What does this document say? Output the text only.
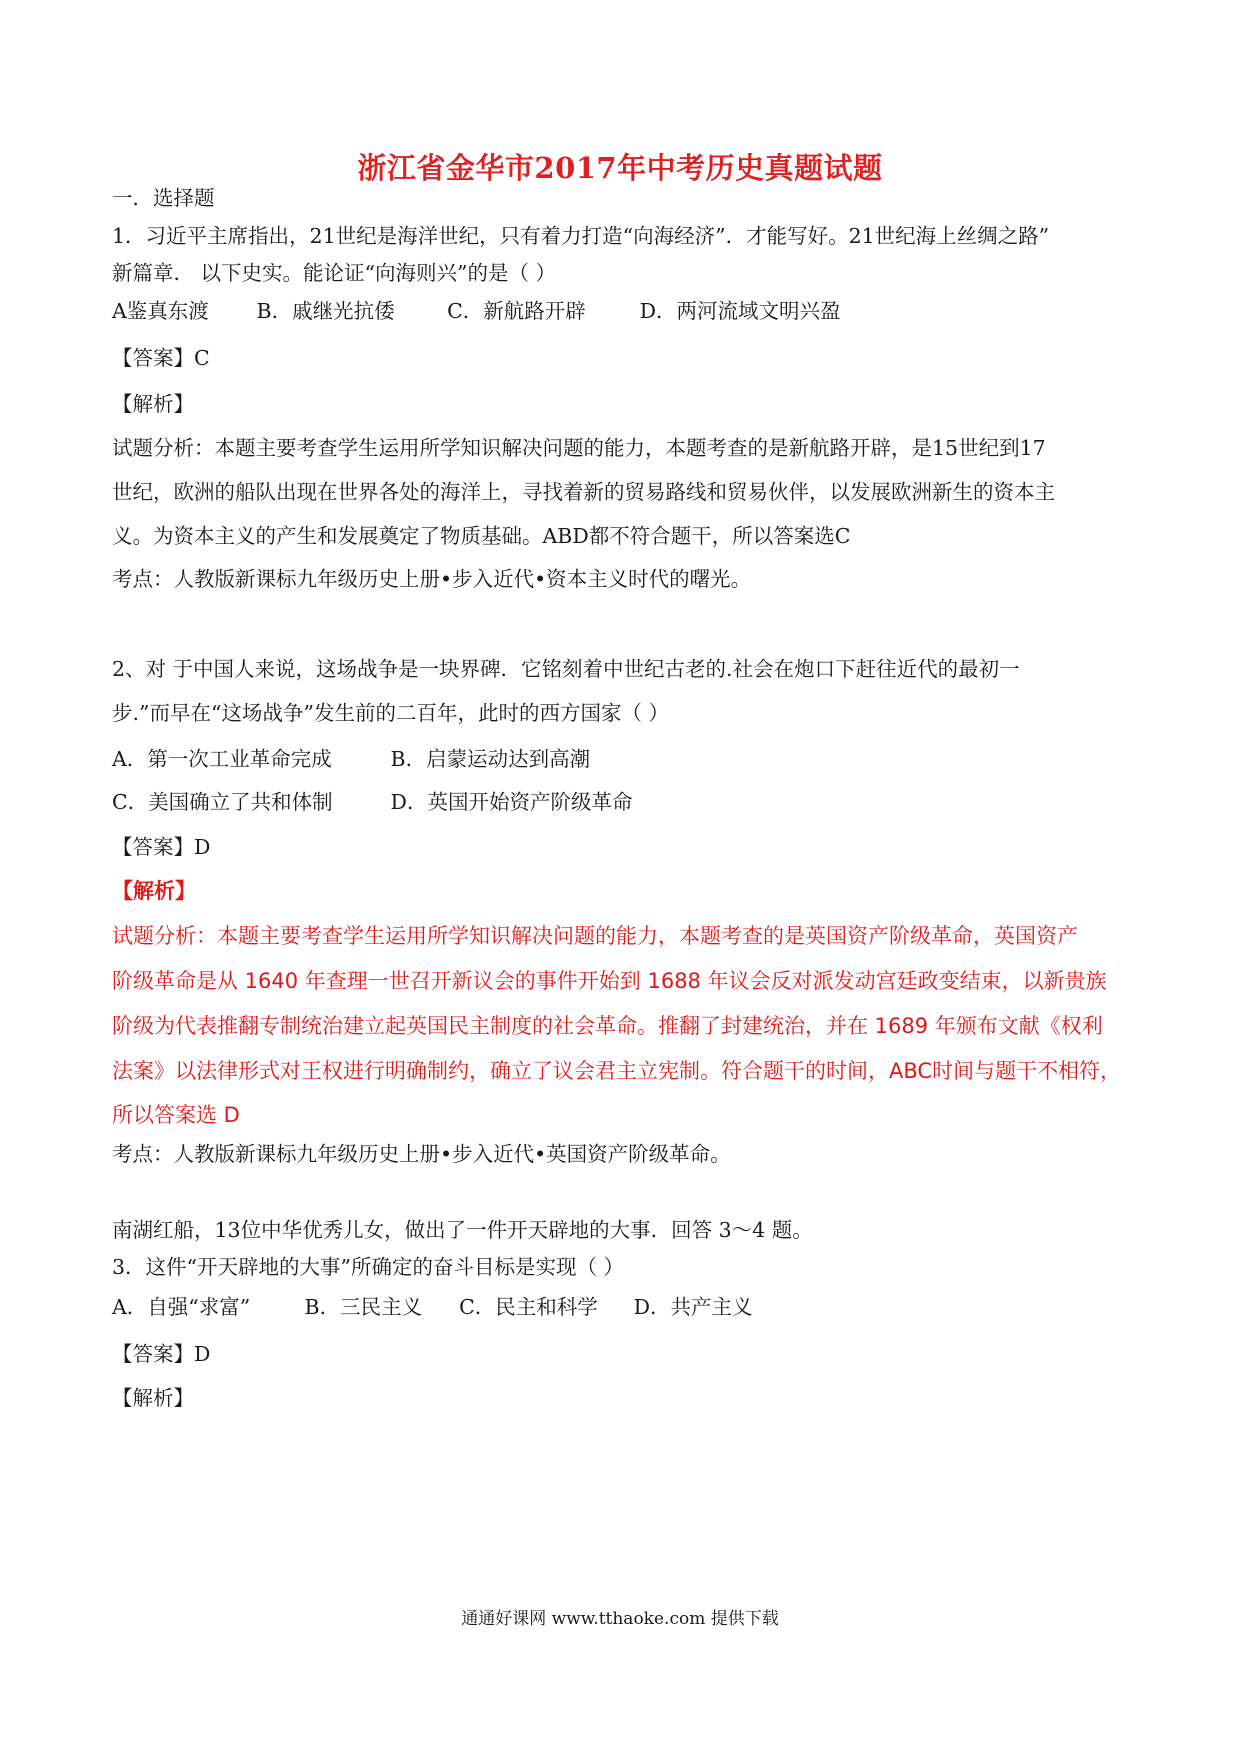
浙江省金华市2017年中考历史真题试题
一．选择题
1．习近平主席指出，21世纪是海洋世纪，只有着力打造“向海经济”．才能写好。21世纪海上丝绸之路”
新篇章． 以下史实。能论证“向海则兴”的是（ ）
A鉴真东渡 B．戚继光抗倭	C．新航路开辟	D．两河流域文明兴盈
【答案】C
【解析】
试题分析：本题主要考查学生运用所学知识解决问题的能力，本题考查的是新航路开辟，是15世纪到17
世纪，欧洲的船队出现在世界各处的海洋上，寻找着新的贸易路线和贸易伙伴，以发展欧洲新生的资本主
义。为资本主义的产生和发展奠定了物质基础。ABD都不符合题干，所以答案选C
考点：人教版新课标九年级历史上册•步入近代•资本主义时代的曙光。
2、对 于中国人来说，这场战争是一块界碑．它铭刻着中世纪古老的.社会在炮口下赶往近代的最初一
步.”而早在“这场战争”发生前的二百年，此时的西方国家（ ）
A．第一次工业革命完成	B．启蒙运动达到高潮
C．美国确立了共和体制	D．英国开始资产阶级革命
【答案】D
【解析】
试题分析：本题主要考查学生运用所学知识解决问题的能力，本题考查的是英国资产阶级革命，英国资产
阶级革命是从 1640 年查理一世召开新议会的事件开始到 1688 年议会反对派发动宫廷政变结束，以新贵族
阶级为代表推翻专制统治建立起英国民主制度的社会革命。推翻了封建统治，并在 1689 年颁布文献《权利
法案》以法律形式对王权进行明确制约，确立了议会君主立宪制。符合题干的时间，ABC时间与题干不相符，
所以答案选 D
考点：人教版新课标九年级历史上册•步入近代•英国资产阶级革命。
南湖红船，13位中华优秀儿女，做出了一件开天辟地的大事．回答 3～4 题。
3．这件“开天辟地的大事”所确定的奋斗目标是实现（ ）
A．自强“求富”	B．三民主义 C．民主和科学 D．共产主义
【答案】D
【解析】
通通好课网 www.tthaoke.com 提供下载
